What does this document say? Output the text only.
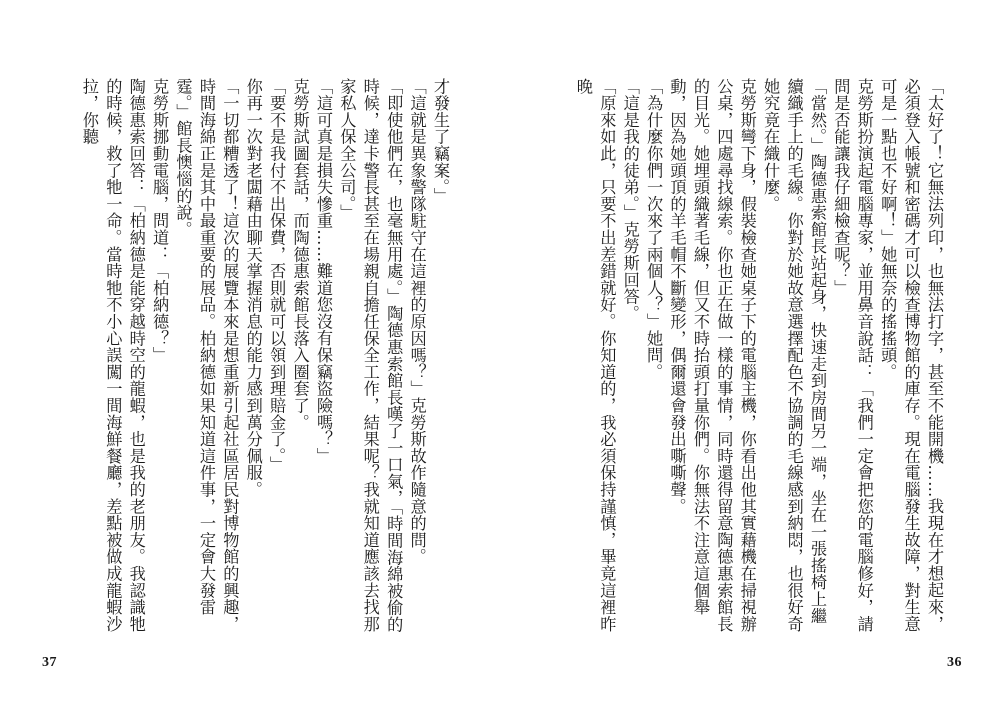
才發生了竊案。」

「這就是異象警隊駐守在這裡的原因嗎？」克勞斯故作隨意的問。

「即使他們在，也毫無用處。」陶德惠索館長嘆了一口氣，「時間海綿被偷的時候，達卡警長甚至在場親自擔任保全工作，結果呢？我就知道應該去找那家私人保全公司。」

「這可真是損失慘重……難道您沒有保竊盜險嗎？」

克勞斯試圖套話，而陶德惠索館長落入圈套了。

「要不是我付不出保費，否則就可以領到理賠金了。」

你再一次對老闆藉由聊天掌握消息的能力感到萬分佩服。

「一切都糟透了！這次的展覽本來是想重新引起社區居民對博物館的興趣，時間海綿正是其中最重要的展品。柏納德如果知道這件事，一定會大發雷霆。」館長懊惱的說。

克勞斯挪動電腦，問道：「柏納德？」

陶德惠索回答：「柏納德是能穿越時空的龍蝦，也是我的老朋友。我認識牠的時候，救了牠一命。當時牠不小心誤闖一間海鮮餐廳，差點被做成龍蝦沙拉，你聽

37

「太好了！它無法列印，也無法打字，甚至不能開機……我現在才想起來，必須登入帳號和密碼才可以檢查博物館的庫存。現在電腦發生故障，對生意可是一點也不好啊！」她無奈的搖搖頭。

克勞斯扮演起電腦專家，並用鼻音說話：「我們一定會把您的電腦修好，請問是否能讓我仔細檢查呢？」

「當然。」陶德惠索館長站起身，快速走到房間另一端，坐在一張搖椅上繼續織手上的毛線。你對於她故意選擇配色不協調的毛線感到納悶，也很好奇她究竟在織什麼。

克勞斯彎下身，假裝檢查她桌子下的電腦主機，你看出他其實藉機在掃視辦公桌，四處尋找線索。你也正在做一樣的事情，同時還得留意陶德惠索館長的目光。她埋頭織著毛線，但又不時抬頭打量你們。你無法不注意這個舉動，因為她頭頂的羊毛帽不斷變形，偶爾還會發出嘶嘶聲。

「為什麼你們一次來了兩個人？」她問。

「這是我的徒弟。」克勞斯回答。

「原來如此，只要不出差錯就好。你知道的，我必須保持謹慎，畢竟這裡昨晚

36
